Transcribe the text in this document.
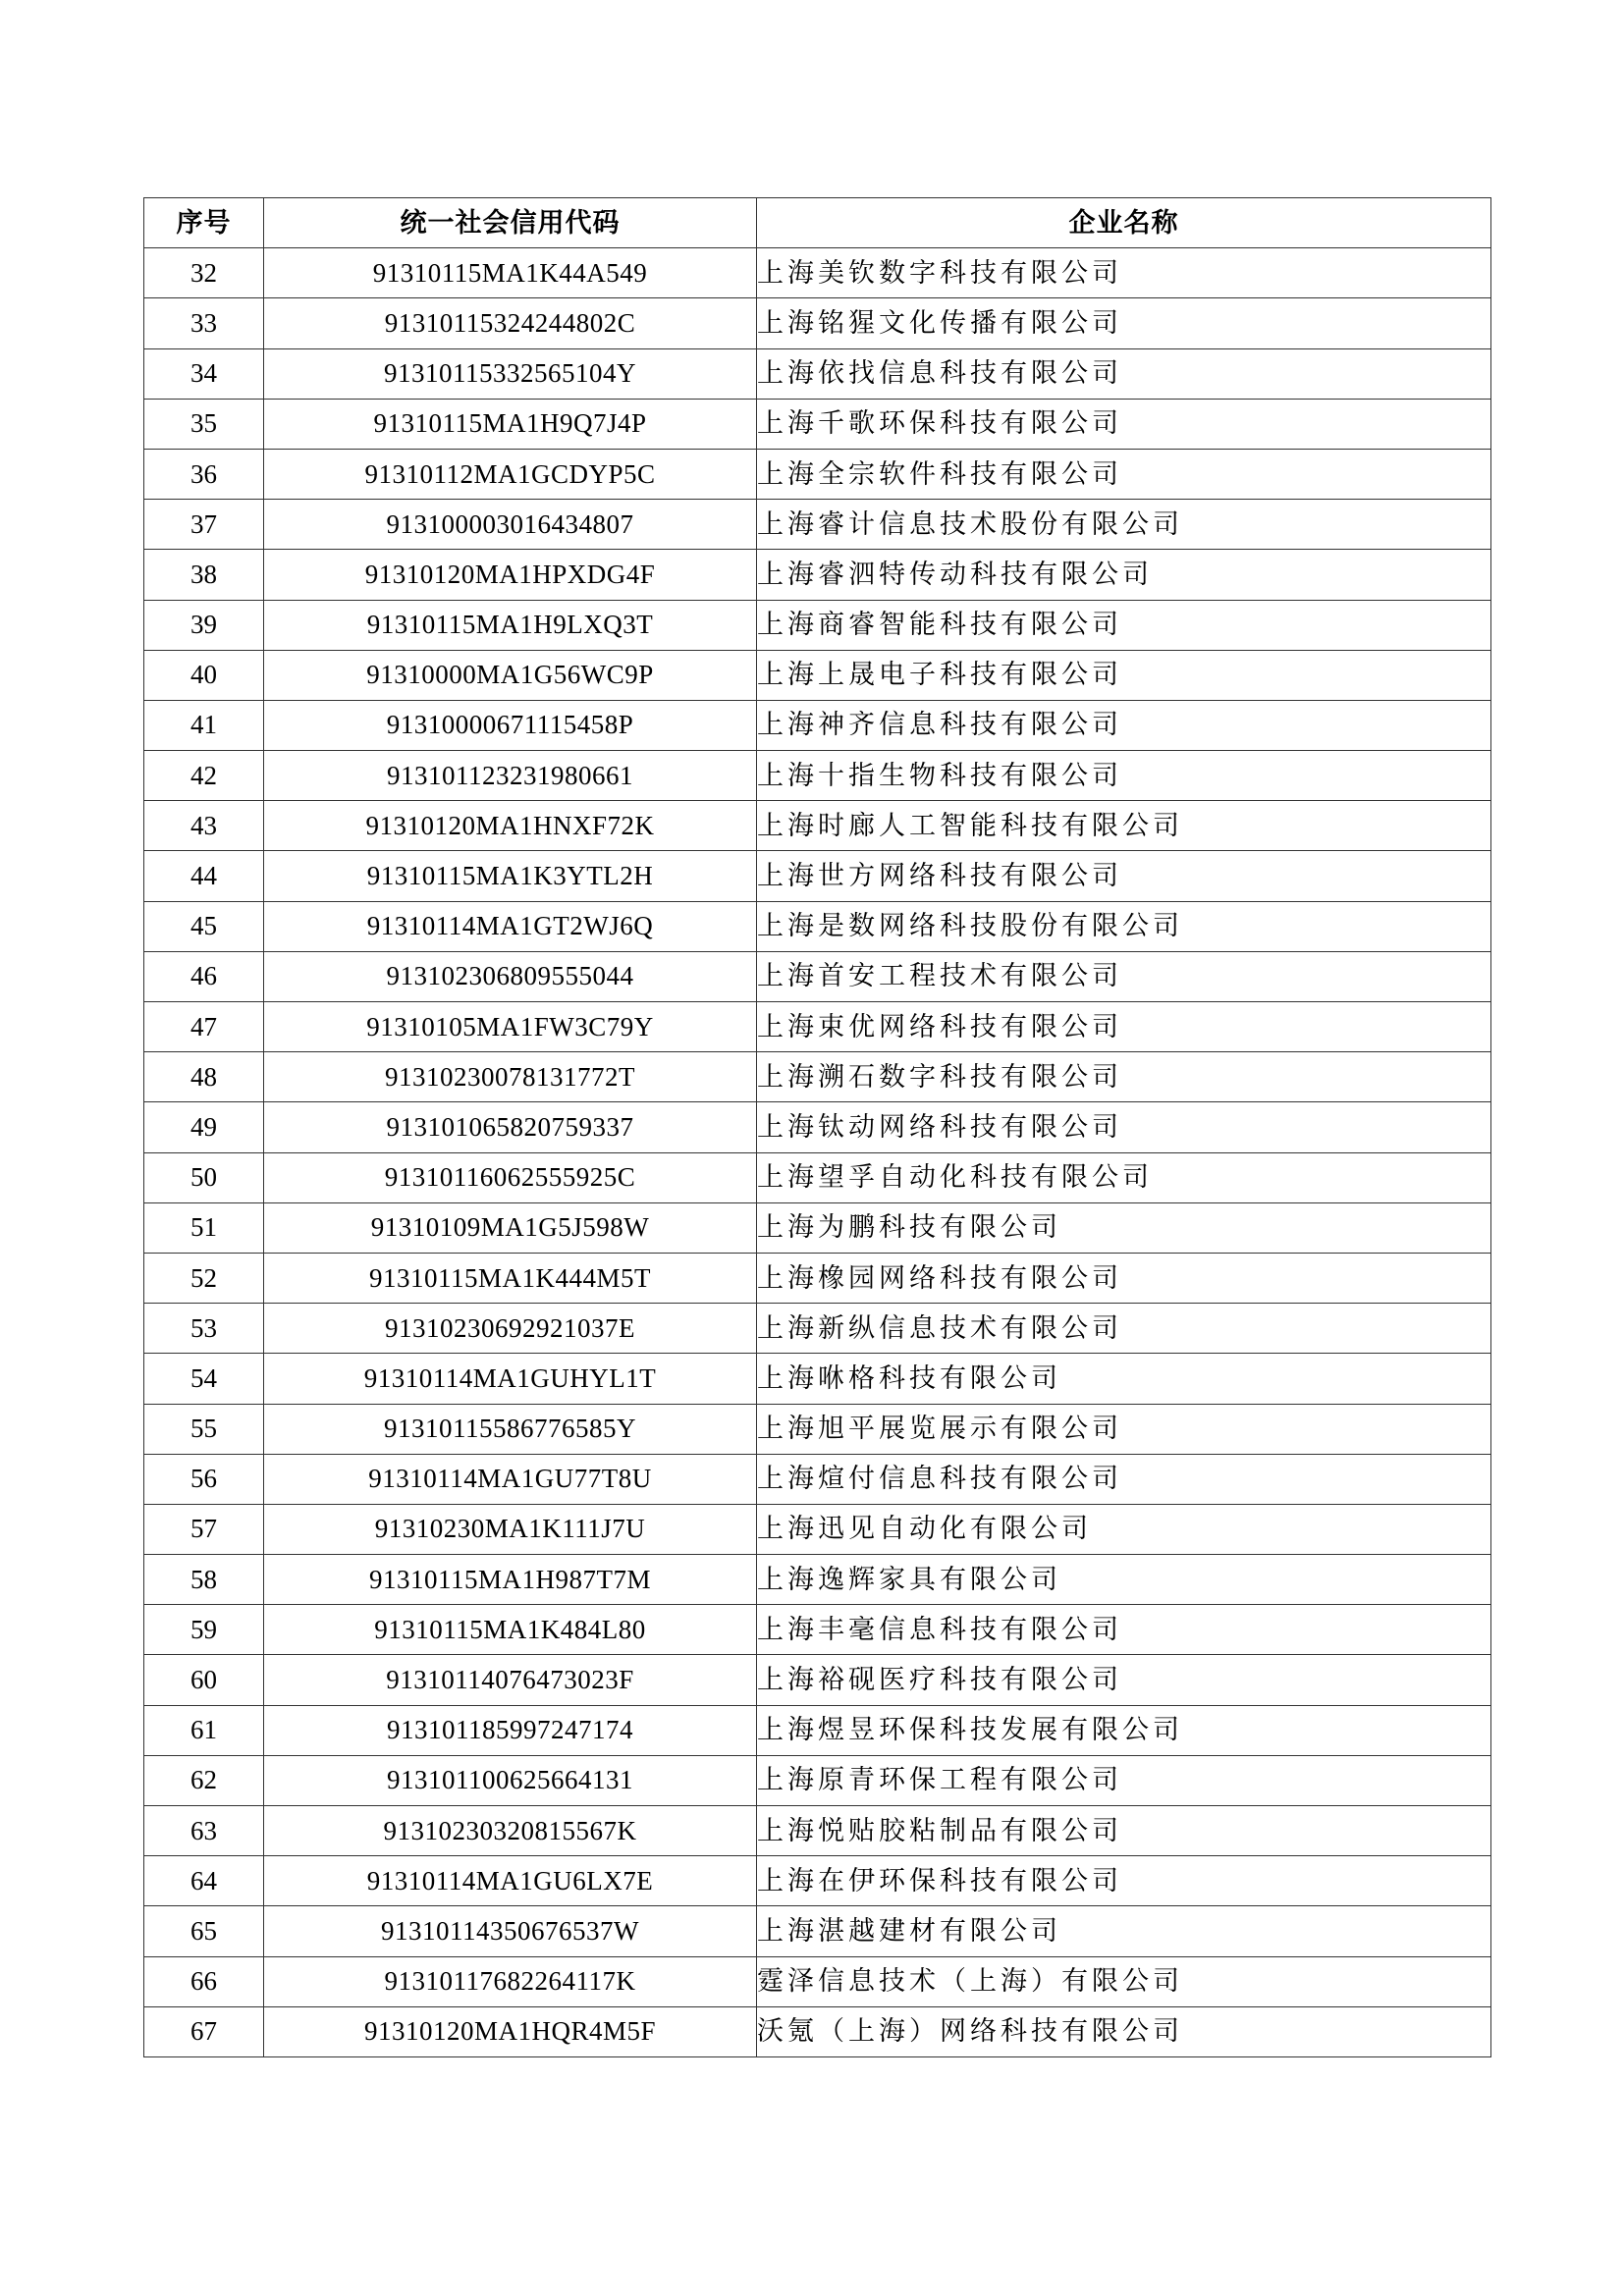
序号	统一社会信用代码	企业名称
32	91310115MA1K44A549	上海美钦数字科技有限公司
33	91310115324244802C	上海铭猩文化传播有限公司
34	91310115332565104Y	上海依找信息科技有限公司
35	91310115MA1H9Q7J4P	上海千歌环保科技有限公司
36	91310112MA1GCDYP5C	上海全宗软件科技有限公司
37	913100003016434807	上海睿计信息技术股份有限公司
38	91310120MA1HPXDG4F	上海睿泗特传动科技有限公司
39	91310115MA1H9LXQ3T	上海商睿智能科技有限公司
40	91310000MA1G56WC9P	上海上晟电子科技有限公司
41	91310000671115458P	上海神齐信息科技有限公司
42	913101123231980661	上海十指生物科技有限公司
43	91310120MA1HNXF72K	上海时廊人工智能科技有限公司
44	91310115MA1K3YTL2H	上海世方网络科技有限公司
45	91310114MA1GT2WJ6Q	上海是数网络科技股份有限公司
46	913102306809555044	上海首安工程技术有限公司
47	91310105MA1FW3C79Y	上海束优网络科技有限公司
48	91310230078131772T	上海溯石数字科技有限公司
49	913101065820759337	上海钛动网络科技有限公司
50	91310116062555925C	上海望孚自动化科技有限公司
51	91310109MA1G5J598W	上海为鹏科技有限公司
52	91310115MA1K444M5T	上海橡园网络科技有限公司
53	91310230692921037E	上海新纵信息技术有限公司
54	91310114MA1GUHYL1T	上海咻格科技有限公司
55	91310115586776585Y	上海旭平展览展示有限公司
56	91310114MA1GU77T8U	上海煊付信息科技有限公司
57	91310230MA1K111J7U	上海迅见自动化有限公司
58	91310115MA1H987T7M	上海逸辉家具有限公司
59	91310115MA1K484L80	上海丰毫信息科技有限公司
60	91310114076473023F	上海裕砚医疗科技有限公司
61	913101185997247174	上海煜昱环保科技发展有限公司
62	913101100625664131	上海原青环保工程有限公司
63	91310230320815567K	上海悦贴胶粘制品有限公司
64	91310114MA1GU6LX7E	上海在伊环保科技有限公司
65	91310114350676537W	上海湛越建材有限公司
66	91310117682264117K	霆泽信息技术（上海）有限公司
67	91310120MA1HQR4M5F	沃氪（上海）网络科技有限公司
